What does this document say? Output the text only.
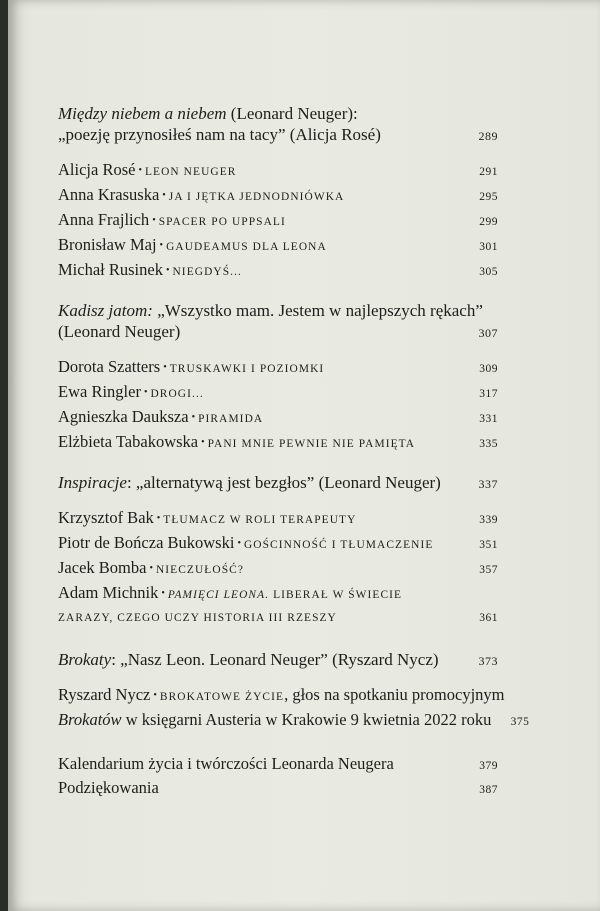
Między niebem a niebem (Leonard Neuger):
„poezję przynosiłeś nam na tacy” (Alicja Rosé)	289
Alicja Rosé • LEON NEUGER	291
Anna Krasuska • JA I JĘTKA JEDNODNIÓWKA	295
Anna Frajlich • SPACER PO UPPSALI	299
Bronisław Maj • GAUDEAMUS DLA LEONA	301
Michał Rusinek • NIEGDYŚ...	305
Kadisz jatom: „Wszystko mam. Jestem w najlepszych rękach”
(Leonard Neuger)	307
Dorota Szatters • TRUSKAWKI I POZIOMKI	309
Ewa Ringler • DROGI...	317
Agnieszka Dauksza • PIRAMIDA	331
Elżbieta Tabakowska • PANI MNIE PEWNIE NIE PAMIĘTA	335
Inspiracje: „alternatywą jest bezgłos” (Leonard Neuger)	337
Krzysztof Bak • TŁUMACZ W ROLI TERAPEUTY	339
Piotr de Bończa Bukowski • GOŚCINNOŚĆ I TŁUMACZENIE	351
Jacek Bomba • NIECZUŁOŚĆ?	357
Adam Michnik • PAMIĘCI LEONA. LIBERAŁ W ŚWIECIE
ZARAZY, CZEGO UCZY HISTORIA III RZESZY	361
Brokaty: „Nasz Leon. Leonard Neuger” (Ryszard Nycz)	373
Ryszard Nycz • BROKATOWE ŻYCIE, głos na spotkaniu promocyjnym
Brokatów w księgarni Austeria w Krakowie 9 kwietnia 2022 roku	375
Kalendarium życia i twórczości Leonarda Neugera	379
Podziękowania	387
